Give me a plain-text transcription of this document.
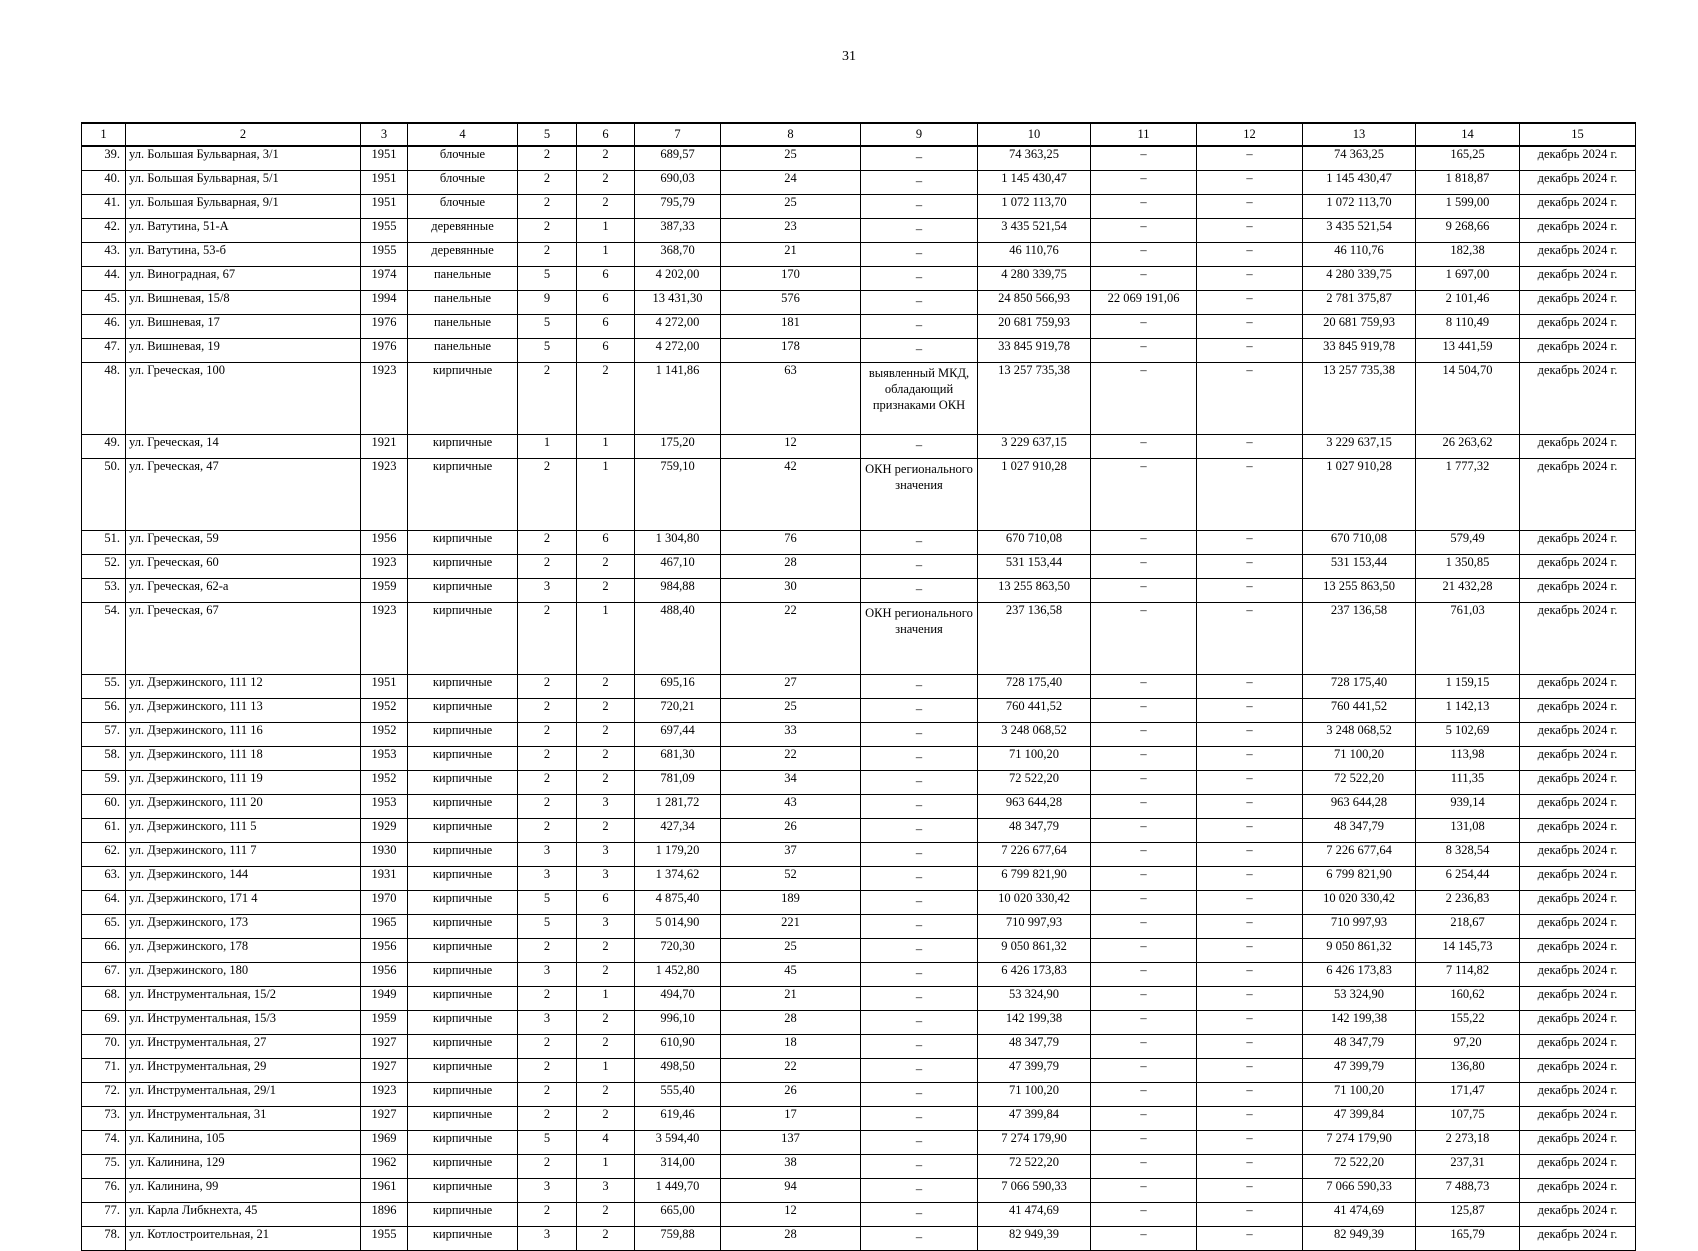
31
1	2	3	4	5	6	7	8	9	10	11	12	13	14	15
39.	ул. Большая Бульварная, 3/1	1951	блочные	2	2	689,57	25	–	74 363,25	–	–	74 363,25	165,25	декабрь 2024 г.
40.	ул. Большая Бульварная, 5/1	1951	блочные	2	2	690,03	24	–	1 145 430,47	–	–	1 145 430,47	1 818,87	декабрь 2024 г.
41.	ул. Большая Бульварная, 9/1	1951	блочные	2	2	795,79	25	–	1 072 113,70	–	–	1 072 113,70	1 599,00	декабрь 2024 г.
42.	ул. Ватутина, 51-А	1955	деревянные	2	1	387,33	23	–	3 435 521,54	–	–	3 435 521,54	9 268,66	декабрь 2024 г.
43.	ул. Ватутина, 53-б	1955	деревянные	2	1	368,70	21	–	46 110,76	–	–	46 110,76	182,38	декабрь 2024 г.
44.	ул. Виноградная, 67	1974	панельные	5	6	4 202,00	170	–	4 280 339,75	–	–	4 280 339,75	1 697,00	декабрь 2024 г.
45.	ул. Вишневая, 15/8	1994	панельные	9	6	13 431,30	576	–	24 850 566,93	22 069 191,06	–	2 781 375,87	2 101,46	декабрь 2024 г.
46.	ул. Вишневая, 17	1976	панельные	5	6	4 272,00	181	–	20 681 759,93	–	–	20 681 759,93	8 110,49	декабрь 2024 г.
47.	ул. Вишневая, 19	1976	панельные	5	6	4 272,00	178	–	33 845 919,78	–	–	33 845 919,78	13 441,59	декабрь 2024 г.
48.	ул. Греческая, 100	1923	кирпичные	2	2	1 141,86	63	выявленный МКД, обладающий признаками ОКН	13 257 735,38	–	–	13 257 735,38	14 504,70	декабрь 2024 г.
49.	ул. Греческая, 14	1921	кирпичные	1	1	175,20	12	–	3 229 637,15	–	–	3 229 637,15	26 263,62	декабрь 2024 г.
50.	ул. Греческая, 47	1923	кирпичные	2	1	759,10	42	ОКН регионального значения	1 027 910,28	–	–	1 027 910,28	1 777,32	декабрь 2024 г.
51.	ул. Греческая, 59	1956	кирпичные	2	6	1 304,80	76	–	670 710,08	–	–	670 710,08	579,49	декабрь 2024 г.
52.	ул. Греческая, 60	1923	кирпичные	2	2	467,10	28	–	531 153,44	–	–	531 153,44	1 350,85	декабрь 2024 г.
53.	ул. Греческая, 62-а	1959	кирпичные	3	2	984,88	30	–	13 255 863,50	–	–	13 255 863,50	21 432,28	декабрь 2024 г.
54.	ул. Греческая, 67	1923	кирпичные	2	1	488,40	22	ОКН регионального значения	237 136,58	–	–	237 136,58	761,03	декабрь 2024 г.
55.	ул. Дзержинского, 111 12	1951	кирпичные	2	2	695,16	27	–	728 175,40	–	–	728 175,40	1 159,15	декабрь 2024 г.
56.	ул. Дзержинского, 111 13	1952	кирпичные	2	2	720,21	25	–	760 441,52	–	–	760 441,52	1 142,13	декабрь 2024 г.
57.	ул. Дзержинского, 111 16	1952	кирпичные	2	2	697,44	33	–	3 248 068,52	–	–	3 248 068,52	5 102,69	декабрь 2024 г.
58.	ул. Дзержинского, 111 18	1953	кирпичные	2	2	681,30	22	–	71 100,20	–	–	71 100,20	113,98	декабрь 2024 г.
59.	ул. Дзержинского, 111 19	1952	кирпичные	2	2	781,09	34	–	72 522,20	–	–	72 522,20	111,35	декабрь 2024 г.
60.	ул. Дзержинского, 111 20	1953	кирпичные	2	3	1 281,72	43	–	963 644,28	–	–	963 644,28	939,14	декабрь 2024 г.
61.	ул. Дзержинского, 111 5	1929	кирпичные	2	2	427,34	26	–	48 347,79	–	–	48 347,79	131,08	декабрь 2024 г.
62.	ул. Дзержинского, 111 7	1930	кирпичные	3	3	1 179,20	37	–	7 226 677,64	–	–	7 226 677,64	8 328,54	декабрь 2024 г.
63.	ул. Дзержинского, 144	1931	кирпичные	3	3	1 374,62	52	–	6 799 821,90	–	–	6 799 821,90	6 254,44	декабрь 2024 г.
64.	ул. Дзержинского, 171 4	1970	кирпичные	5	6	4 875,40	189	–	10 020 330,42	–	–	10 020 330,42	2 236,83	декабрь 2024 г.
65.	ул. Дзержинского, 173	1965	кирпичные	5	3	5 014,90	221	–	710 997,93	–	–	710 997,93	218,67	декабрь 2024 г.
66.	ул. Дзержинского, 178	1956	кирпичные	2	2	720,30	25	–	9 050 861,32	–	–	9 050 861,32	14 145,73	декабрь 2024 г.
67.	ул. Дзержинского, 180	1956	кирпичные	3	2	1 452,80	45	–	6 426 173,83	–	–	6 426 173,83	7 114,82	декабрь 2024 г.
68.	ул. Инструментальная, 15/2	1949	кирпичные	2	1	494,70	21	–	53 324,90	–	–	53 324,90	160,62	декабрь 2024 г.
69.	ул. Инструментальная, 15/3	1959	кирпичные	3	2	996,10	28	–	142 199,38	–	–	142 199,38	155,22	декабрь 2024 г.
70.	ул. Инструментальная, 27	1927	кирпичные	2	2	610,90	18	–	48 347,79	–	–	48 347,79	97,20	декабрь 2024 г.
71.	ул. Инструментальная, 29	1927	кирпичные	2	1	498,50	22	–	47 399,79	–	–	47 399,79	136,80	декабрь 2024 г.
72.	ул. Инструментальная, 29/1	1923	кирпичные	2	2	555,40	26	–	71 100,20	–	–	71 100,20	171,47	декабрь 2024 г.
73.	ул. Инструментальная, 31	1927	кирпичные	2	2	619,46	17	–	47 399,84	–	–	47 399,84	107,75	декабрь 2024 г.
74.	ул. Калинина, 105	1969	кирпичные	5	4	3 594,40	137	–	7 274 179,90	–	–	7 274 179,90	2 273,18	декабрь 2024 г.
75.	ул. Калинина, 129	1962	кирпичные	2	1	314,00	38	–	72 522,20	–	–	72 522,20	237,31	декабрь 2024 г.
76.	ул. Калинина, 99	1961	кирпичные	3	3	1 449,70	94	–	7 066 590,33	–	–	7 066 590,33	7 488,73	декабрь 2024 г.
77.	ул. Карла Либкнехта, 45	1896	кирпичные	2	2	665,00	12	–	41 474,69	–	–	41 474,69	125,87	декабрь 2024 г.
78.	ул. Котлостроительная, 21	1955	кирпичные	3	2	759,88	28	–	82 949,39	–	–	82 949,39	165,79	декабрь 2024 г.
